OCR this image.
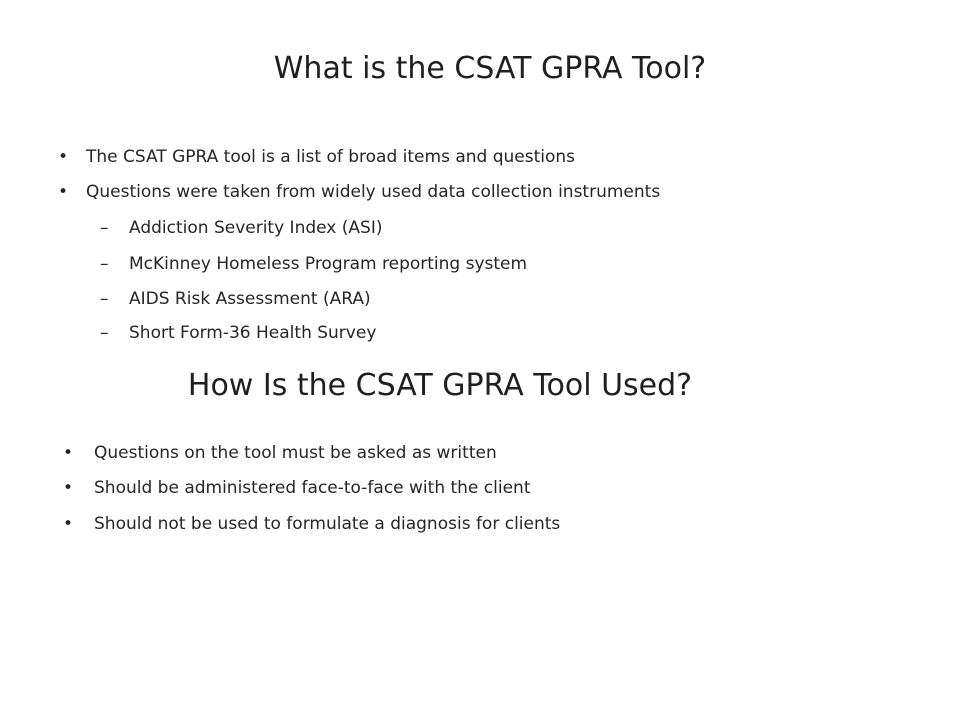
What is the CSAT GPRA Tool?
• The CSAT GPRA tool is a list of broad items and questions
• Questions were taken from widely used data collection instruments
– Addiction Severity Index (ASI)
– McKinney Homeless Program reporting system
– AIDS Risk Assessment (ARA)
– Short Form-36 Health Survey
How Is the CSAT GPRA Tool Used?
• Questions on the tool must be asked as written
• Should be administered face-to-face with the client
• Should not be used to formulate a diagnosis for clients
